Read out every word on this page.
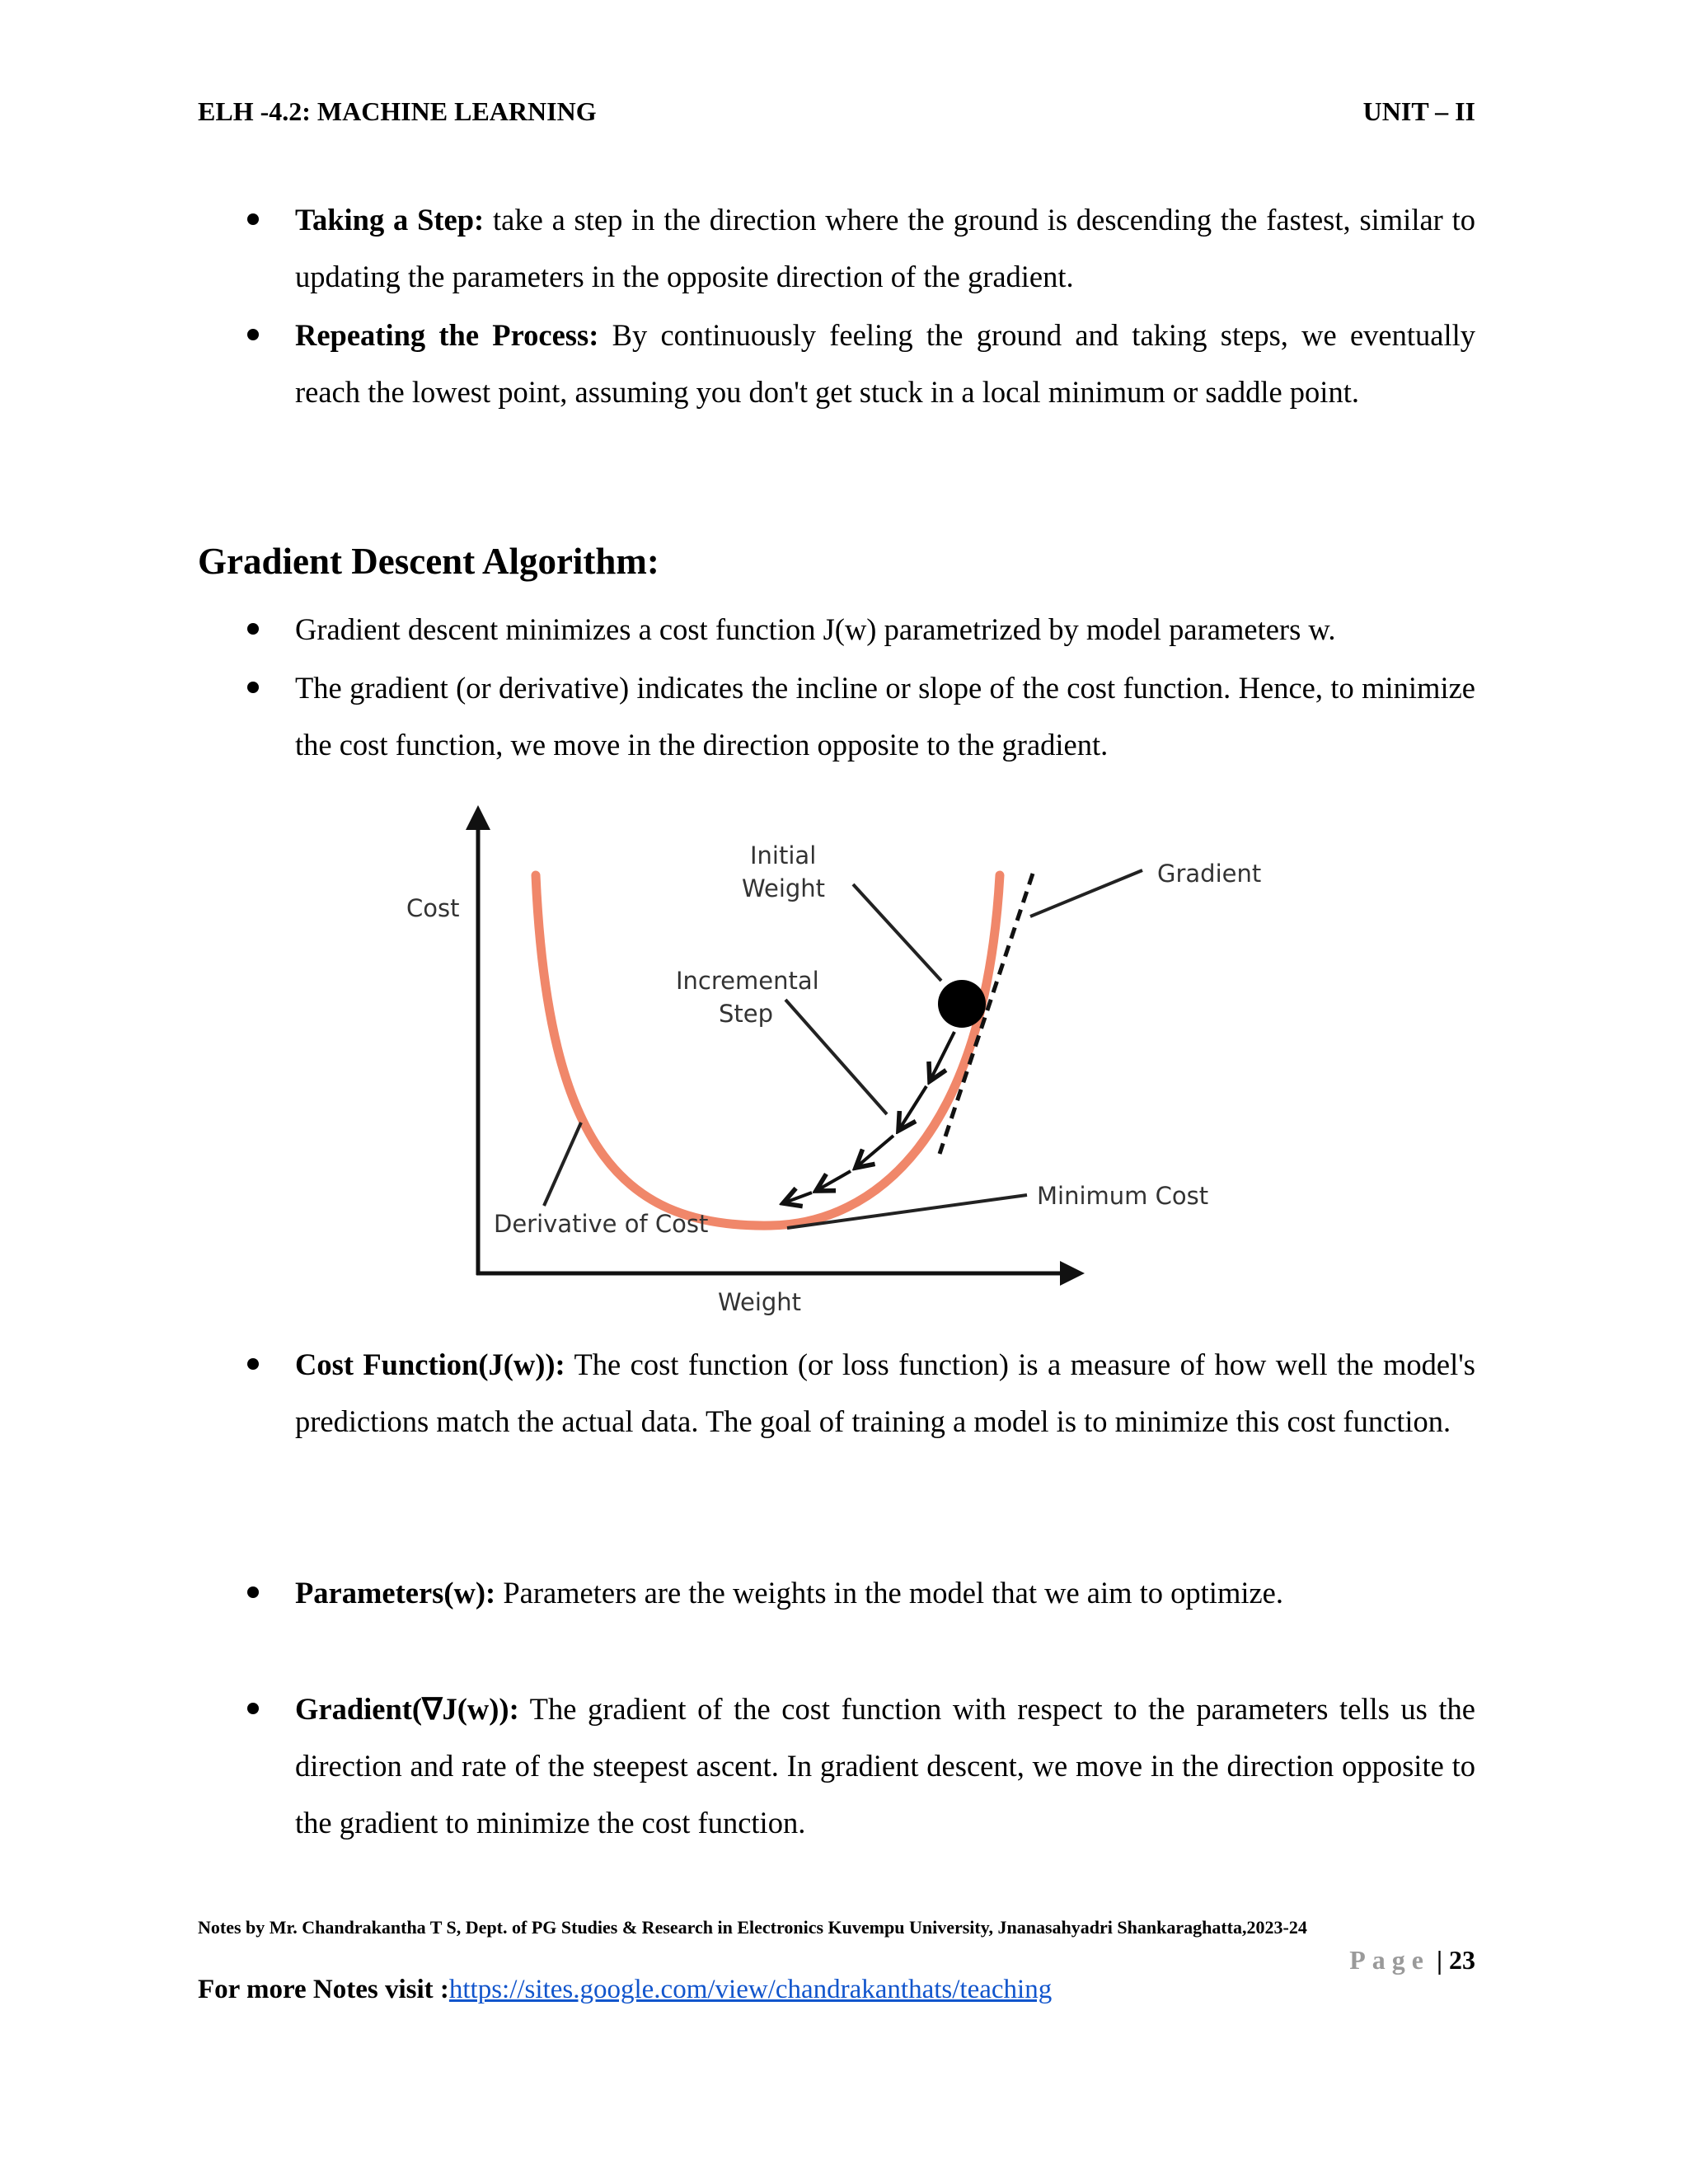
ELH -4.2: MACHINE LEARNING	UNIT – II
Taking a Step: take a step in the direction where the ground is descending the fastest, similar to updating the parameters in the opposite direction of the gradient.
Repeating the Process: By continuously feeling the ground and taking steps, we eventually reach the lowest point, assuming you don't get stuck in a local minimum or saddle point.
Gradient Descent Algorithm:
Gradient descent minimizes a cost function J(w) parametrized by model parameters w.
The gradient (or derivative) indicates the incline or slope of the cost function. Hence, to minimize the cost function, we move in the direction opposite to the gradient.
Cost
Weight
Initial
Weight
Incremental
Step
Gradient
Minimum Cost
Derivative of Cost
Cost Function(J(w)): The cost function (or loss function) is a measure of how well the model's predictions match the actual data. The goal of training a model is to minimize this cost function.
Parameters(w): Parameters are the weights in the model that we aim to optimize.
Gradient(∇J(w)): The gradient of the cost function with respect to the parameters tells us the direction and rate of the steepest ascent. In gradient descent, we move in the direction opposite to the gradient to minimize the cost function.
Notes by Mr. Chandrakantha T S, Dept. of PG Studies & Research in Electronics Kuvempu University, Jnanasahyadri Shankaraghatta,2023-24
Page | 23
For more Notes visit :https://sites.google.com/view/chandrakanthats/teaching
